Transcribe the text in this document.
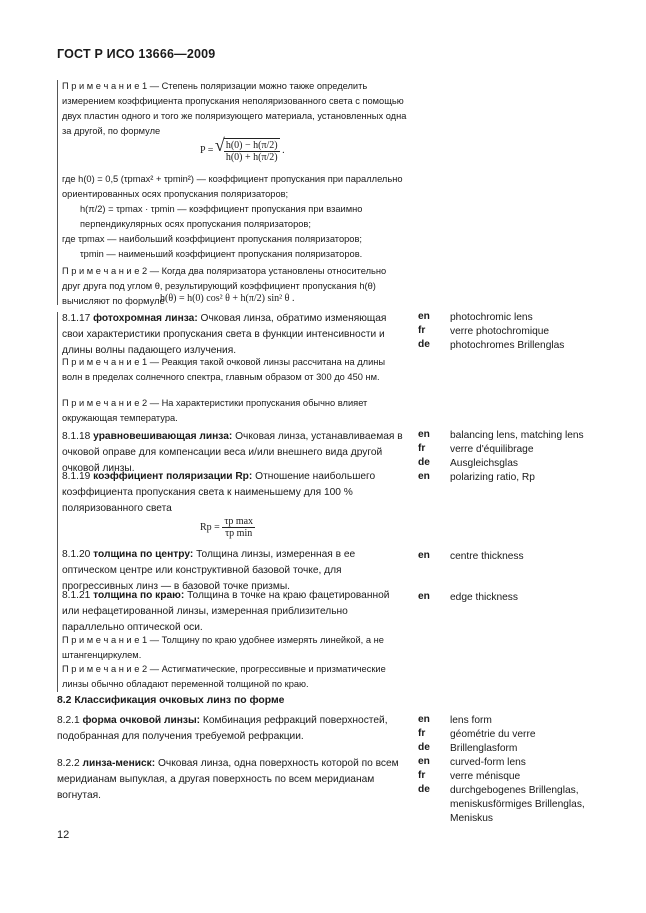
ГОСТ Р ИСО 13666—2009
П р и м е ч а н и е 1 — Степень поляризации можно также определить измерением коэффициента пропускания неполяризованного света с помощью двух пластин одного и того же поляризующего материала, установленных одна за другой, по формуле
P =
√ $\frac{h(0) - h(\pi/2)}{h(0) + h(\pi/2)}$ .
где h(0) = 0,5 (τpmax² + τpmin²) — коэффициент пропускания при параллельно ориентированных осях пропускания поляризаторов;
h(π/2) = τpmax · τpmin — коэффициент пропускания при взаимно перпендикулярных осях пропускания поляризаторов;
где τpmax — наибольший коэффициент пропускания поляризаторов;
τpmin — наименьший коэффициент пропускания поляризаторов.
П р и м е ч а н и е 2 — Когда два поляризатора установлены относительно друг друга под углом θ, результирующий коэффициент пропускания h(θ) вычисляют по формуле
h(θ) = h(0) cos² θ + h(π/2) sin² θ .
8.1.17 фотохромная линза: Очковая линза, обратимо изменяющая свои характеристики пропускания света в функции интенсивности и длины волны падающего излучения.
en	photochromic lens
fr	verre photochromique
de	photochromes Brillenglas
П р и м е ч а н и е 1 — Реакция такой очковой линзы рассчитана на длины волн в пределах солнечного спектра, главным образом от 300 до 450 нм.
П р и м е ч а н и е 2 — На характеристики пропускания обычно влияет окружающая температура.
8.1.18 уравновешивающая линза: Очковая линза, устанавливаемая в очковой оправе для компенсации веса и/или внешнего вида другой очковой линзы.
en	balancing lens, matching lens
fr	verre d'équilibrage
de	Ausgleichsglas
8.1.19 коэффициент поляризации Rp: Отношение наибольшего коэффициента пропускания света к наименьшему для 100 % поляризованного света
en	polarizing ratio, Rp
$Rp = \frac{\text{τp max}}{\text{τp min}}$
8.1.20 толщина по центру: Толщина линзы, измеренная в ее оптическом центре или конструктивной базовой точке, для прогрессивных линз — в базовой точке призмы.
en	centre thickness
8.1.21 толщина по краю: Толщина в точке на краю фацетированной или нефацетированной линзы, измеренная приблизительно параллельно оптической оси.
en	edge thickness
П р и м е ч а н и е 1 — Толщину по краю удобнее измерять линейкой, а не штангенциркулем.
П р и м е ч а н и е 2 — Астигматические, прогрессивные и призматические линзы обычно обладают переменной толщиной по краю.
8.2 Классификация очковых линз по форме
8.2.1 форма очковой линзы: Комбинация рефракций поверхностей, подобранная для получения требуемой рефракции.
en	lens form
fr	géométrie du verre
de	Brillenglasform
8.2.2 линза-мениск: Очковая линза, одна поверхность которой по всем меридианам выпуклая, а другая поверхность по всем меридианам вогнутая.
en	curved-form lens
fr	verre ménisque
de	durchgebogenes Brillenglas, meniskusförmiges Brillenglas, Meniskus
12
